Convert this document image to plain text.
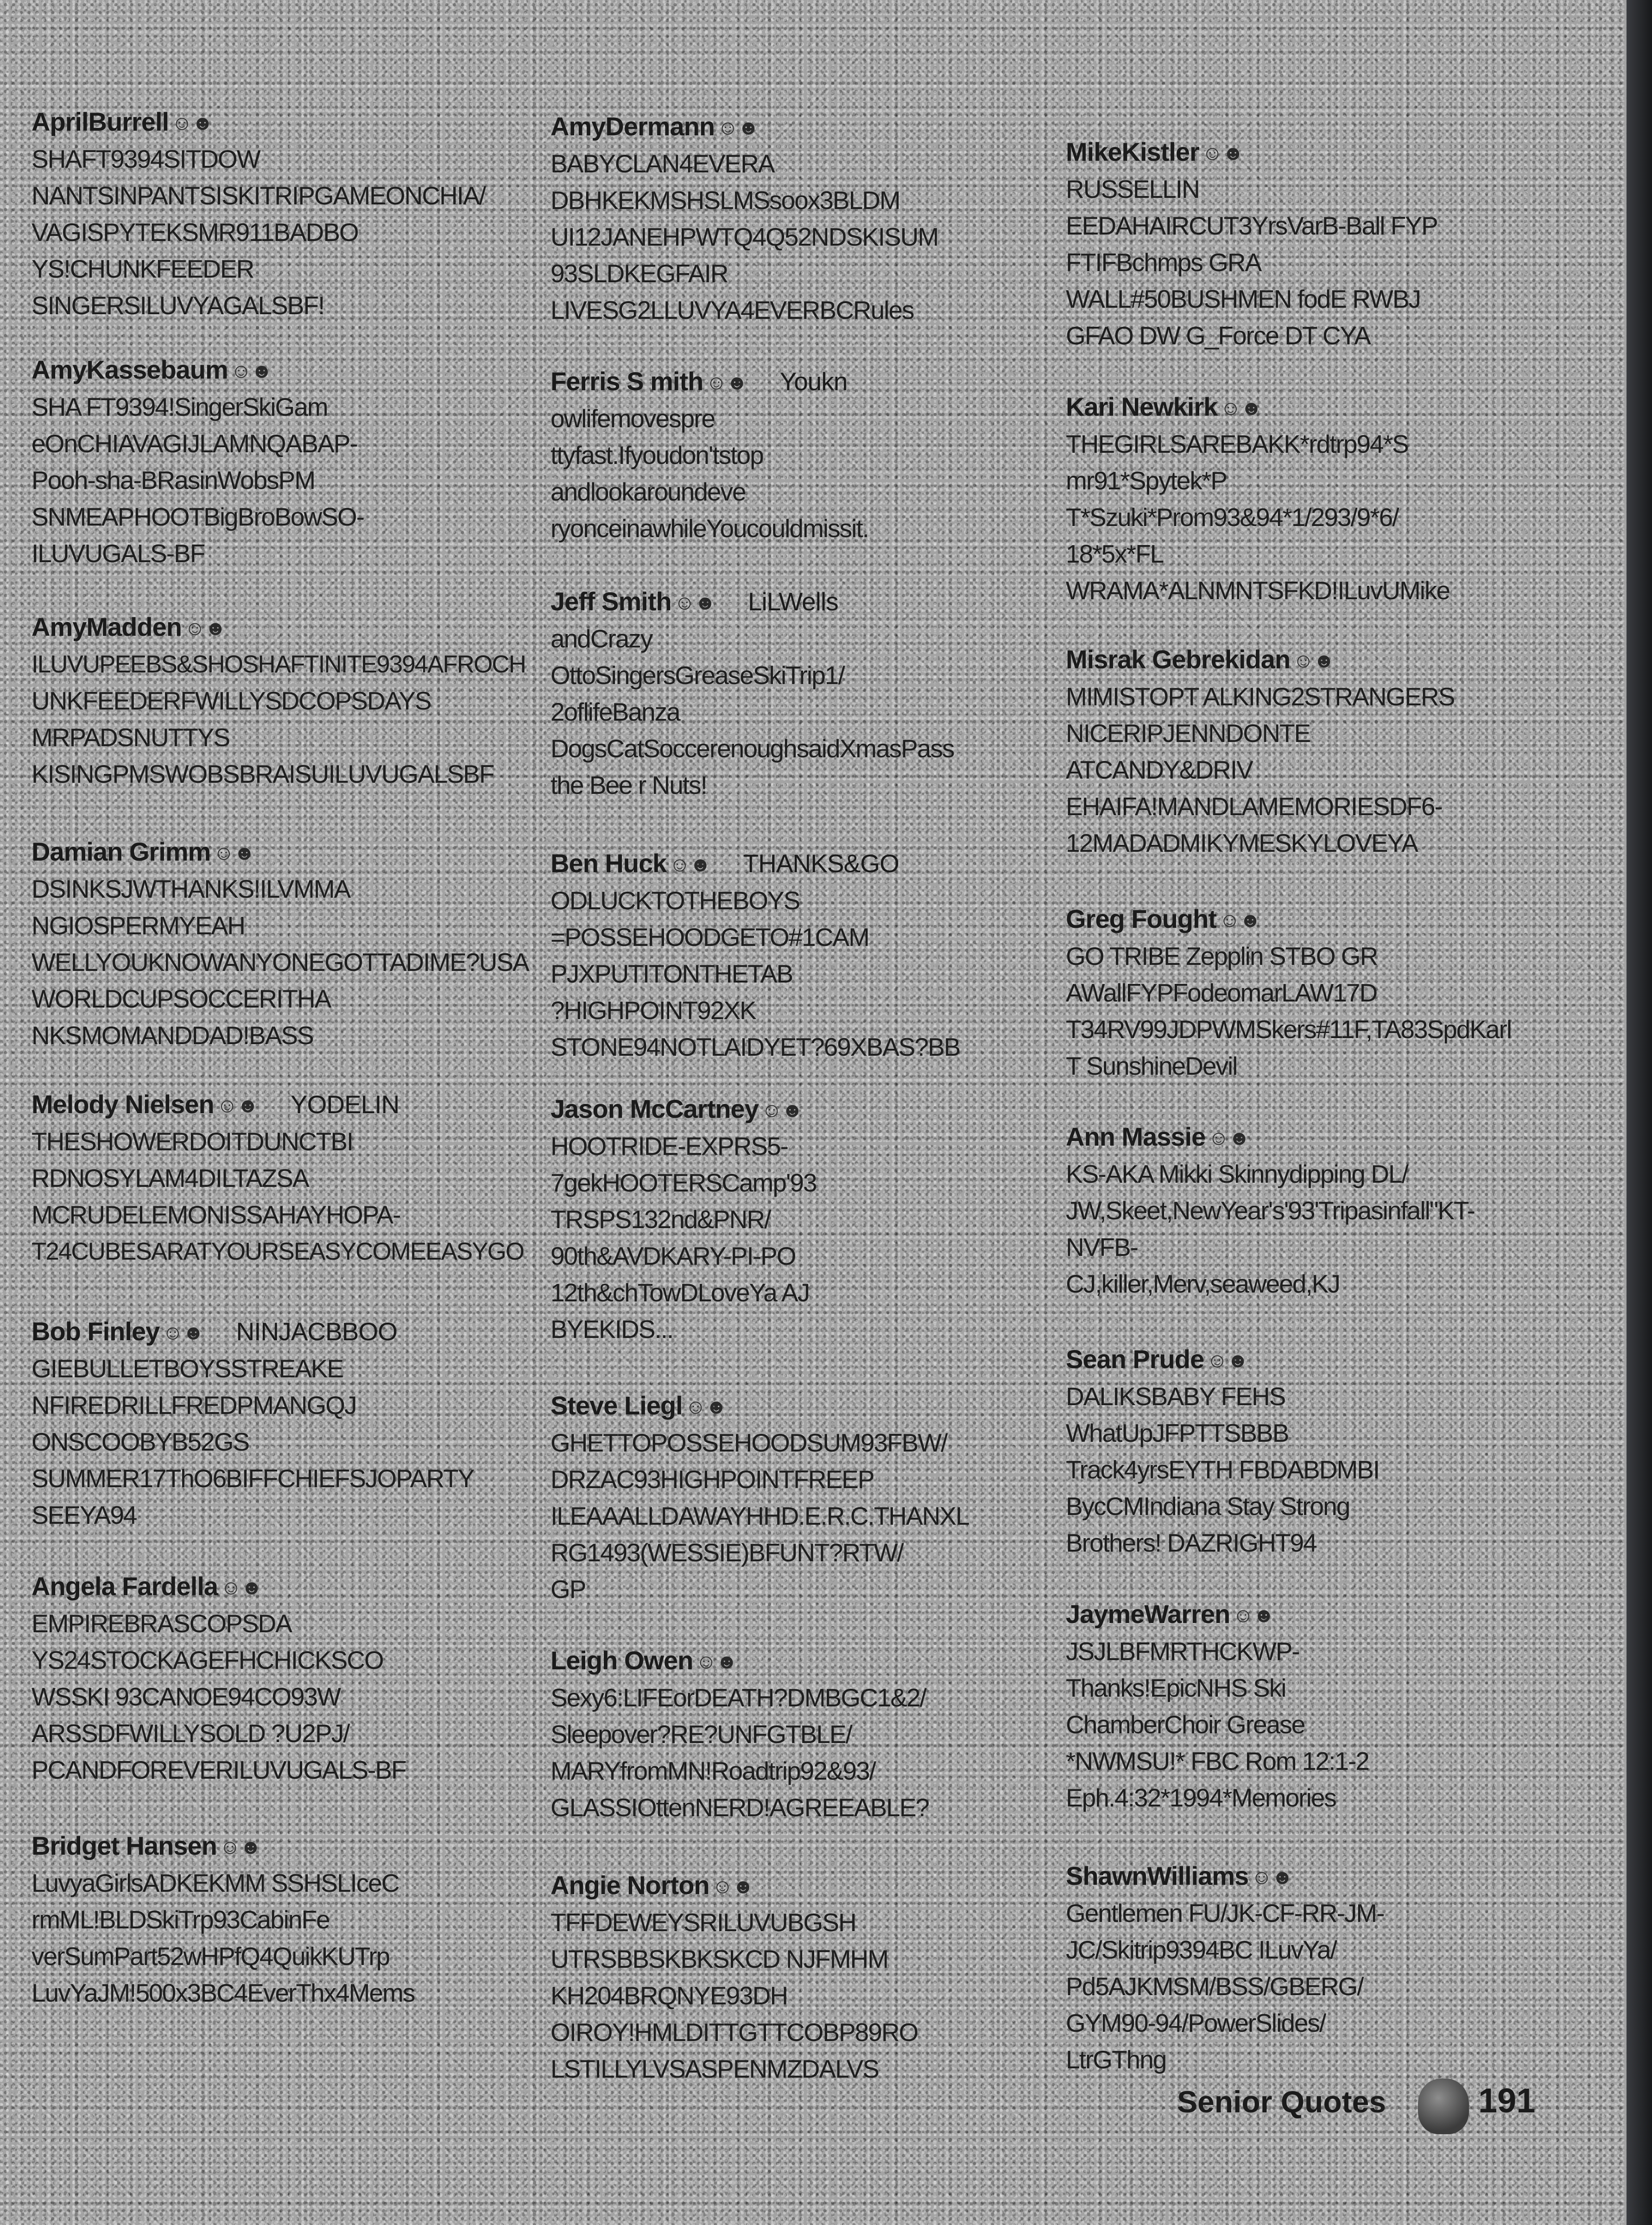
AprilBurrell ☺☻
SHAFT9394SITDOW
NANTSINPANTSISKITRIPGAMEONCHIA/
VAGISPYTEKSMR911BADBO
YS!CHUNKFEEDER
SINGERSILUVYAGALSBF!
AmyKassebaum ☺☻
SHA FT9394!SingerSkiGam
eOnCHIAVAGIJLAMNQABAP-
Pooh-sha-BRasinWobsPM
SNMEAPHOOTBigBroBowSO-
ILUVUGALS-BF
AmyMadden ☺☻
ILUVUPEEBS&SHOSHAFTINITE9394AFROCH
UNKFEEDERFWILLYSDCOPSDAYS
MRPADSNUTTYS
KISINGPMSWOBSBRAISUILUVUGALSBF
Damian Grimm ☺☻
DSINKSJWTHANKS!ILVMMA
NGIOSPERMYEAH
WELLYOUKNOWANYONEGOTTADIME?USA
WORLDCUPSOCCERITHA
NKSMOMANDDAD!BASS
Melody Nielsen ☺☻ YODELIN
THESHOWERDOITDUNCTBI
RDNOSYLAM4DILTAZSA
MCRUDELEMONISSAHAYHOPA-
T24CUBESARATYOURSEASYCOMEEASYGO
Bob Finley ☺☻ NINJACBBOO
GIEBULLETBOYSSTREAKE
NFIREDRILLFREDPMANGQJ
ONSCOOBYB52GS
SUMMER17ThO6BIFFCHIEFSJOPARTY
SEEYA94
Angela Fardella ☺☻
EMPIREBRASCOPSDA
YS24STOCKAGEFHCHICKSCO
WSSKI 93CANOE94CO93W
ARSSDFWILLYSOLD ?U2PJ/
PCANDFOREVERILUVUGALS-BF
Bridget Hansen ☺☻
LuvyaGirlsADKEKMM SSHSLIceC
rmML!BLDSkiTrp93CabinFe
verSumPart52wHPfQ4QuikKUTrp
LuvYaJM!500x3BC4EverThx4Mems
AmyDermann ☺☻
BABYCLAN4EVERA
DBHKEKMSHSLMSsoox3BLDM
UI12JANEHPWTQ4Q52NDSKISUM
93SLDKEGFAIR
LIVESG2LLUVYA4EVERBCRules
Ferris S mith ☺☻ Youkn
owlifemovespre
ttyfast.Ifyoudon'tstop
andlookaroundeve
ryonceinawhileYoucouldmissit.
Jeff Smith ☺☻ LiLWells
andCrazy
OttoSingersGreaseSkiTrip1/
2oflifeBanza
DogsCatSoccerenoughsaidXmasPass
the Bee r Nuts!
Ben Huck ☺☻ THANKS&GO
ODLUCKTOTHEBOYS
=POSSEHOODGETO#1CAM
PJXPUTITONTHETAB
?HIGHPOINT92XK
STONE94NOTLAIDYET?69XBAS?BB
Jason McCartney ☺☻
HOOTRIDE-EXPRS5-
7gekHOOTERSCamp'93
TRSPS132nd&PNR/
90th&AVDKARY-PI-PO
12th&chTowDLoveYa AJ
BYEKIDS...
Steve Liegl ☺☻
GHETTOPOSSEHOODSUM93FBW/
DRZAC93HIGHPOINTFREEP
ILEAAALLDAWAYHHD.E.R.C.THANXL
RG1493(WESSIE)BFUNT?RTW/
GP
Leigh Owen ☺☻
Sexy6:LIFEorDEATH?DMBGC1&2/
Sleepover?RE?UNFGTBLE/
MARYfromMN!Roadtrip92&93/
GLASSIOttenNERD!AGREEABLE?
Angie Norton ☺☻
TFFDEWEYSRILUVUBGSH
UTRSBBSKBKSKCD NJFMHM
KH204BRQNYE93DH
OIROY!HMLDITTGTTCOBP89RO
LSTILLYLVSASPENMZDALVS
MikeKistler ☺☻
RUSSELLIN
EEDAHAIRCUT3YrsVarB-Ball FYP
FTIFBchmps GRA
WALL#50BUSHMEN fodE RWBJ
GFAO DW G_Force DT CYA
Kari Newkirk ☺☻
THEGIRLSAREBAKK*rdtrp94*S
mr91*Spytek*P
T*Szuki*Prom93&94*1/293/9*6/
18*5x*FL
WRAMA*ALNMNTSFKD!ILuvUMike
Misrak Gebrekidan ☺☻
MIMISTOPT ALKING2STRANGERS
NICERIPJENNDONTE
ATCANDY&DRIV
EHAIFA!MANDLAMEMORIESDF6-
12MADADMIKYMESKYLOVEYA
Greg Fought ☺☻
GO TRIBE Zepplin STBO GR
AWallFYPFodeomarLAW17D
T34RV99JDPWMSkers#11F,TA83SpdKarl
T SunshineDevil
Ann Massie ☺☻
KS-AKA Mikki Skinnydipping DL/
JW,Skeet,NewYear's'93'Tripasinfall"KT-
NVFB-
CJ,killer,Merv,seaweed,KJ
Sean Prude ☺☻
DALIKSBABY FEHS
WhatUpJFPTTSBBB
Track4yrsEYTH FBDABDMBI
BycCMIndiana Stay Strong
Brothers! DAZRIGHT94
JaymeWarren ☺☻
JSJLBFMRTHCKWP-
Thanks!EpicNHS Ski
ChamberChoir Grease
*NWMSU!* FBC Rom 12:1-2
Eph.4:32*1994*Memories
ShawnWilliams ☺☻
Gentlemen FU/JK-CF-RR-JM-
JC/Skitrip9394BC ILuvYa/
Pd5AJKMSM/BSS/GBERG/
GYM90-94/PowerSlides/
LtrGThng
Senior Quotes	191
